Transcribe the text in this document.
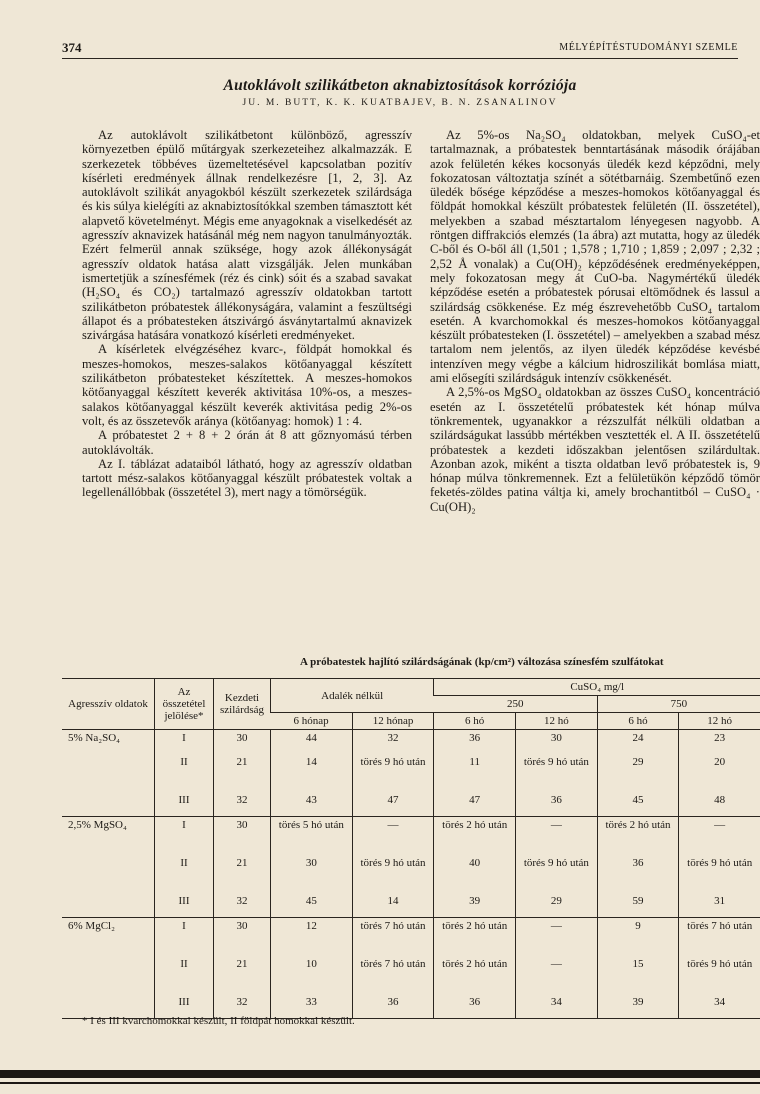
374	MÉLYÉPÍTÉSTUDOMÁNYI SZEMLE
Autoklávolt szilikátbeton aknabiztosítások korróziója
JU. M. BUTT, K. K. KUATBAJEV, B. N. ZSANALINOV

Az autoklávolt szilikátbetont különböző, agresszív környezetben épülő műtárgyak szerkezeteihez alkalmazzák. E szerkezetek többéves üzemeltetésével kapcsolatban pozitív kísérleti eredmények állnak rendelkezésre [1, 2, 3]. Az autoklávolt szilikát anyagokból készült szerkezetek szilárdsága és kis súlya kielégíti az aknabiztosítókkal szemben támasztott két alapvető követelményt. Mégis eme anyagoknak a viselkedését az agresszív aknavizek hatásánál még nem nagyon tanulmányozták. Ezért felmerül annak szüksége, hogy azok állékonyságát agresszív oldatok hatása alatt vizsgálják. Jelen munkában ismertetjük a színesfémek (réz és cink) sóit és a szabad savakat (H₂SO₄ és CO₂) tartalmazó agresszív oldatokban tartott szilikátbeton próbatestek állékonyságára, valamint a feszültségi állapot és a próbatesteken átszivárgó ásványtartalmú aknavizek szivárgása hatására vonatkozó kísérleti eredményeket.

A kísérletek elvégzéséhez kvarc-, földpát homokkal és meszes-homokos, meszes-salakos kötőanyaggal készített szilikátbeton próbatesteket készítettek. A meszes-homokos kötőanyaggal készített keverék aktivitása 10%-os, a meszes-salakos kötőanyaggal készült keverék aktivitása pedig 2%-os volt, és az összetevők aránya (kötőanyag: homok) 1 : 4.

A próbatestet 2 + 8 + 2 órán át 8 att gőznyomású térben autoklávolták.

Az I. táblázat adataiból látható, hogy az agresszív oldatban tartott mész-salakos kötőanyaggal készült próbatestek voltak a legellenállóbbak (összetétel 3), mert nagy a tömörségük.

Az 5%-os Na₂SO₄ oldatokban, melyek CuSO₄-et tartalmaznak, a próbatestek benntartásának második órájában azok felületén kékes kocsonyás üledék kezd képződni, mely fokozatosan változtatja színét a sötétbarnáig. Szembetűnő ezen üledék bősége képződése a meszes-homokos kötőanyaggal és földpát homokkal készült próbatestek felületén (II. összetétel), melyekben a szabad mésztartalom lényegesen nagyobb. A röntgen diffrakciós elemzés (1a ábra) azt mutatta, hogy az üledék C-ből és O-ből áll (1,501 ; 1,578 ; 1,710 ; 1,859 ; 2,097 ; 2,32 ; 2,52 Å vonalak) a Cu(OH)₂ képződésének eredményeképpen, mely fokozatosan megy át CuO-ba. Nagymértékű üledék képződése esetén a próbatestek pórusai eltömődnek és lassul a szilárdság csökkenése. Ez még észrevehetőbb CuSO₄ tartalom esetén. A kvarchomokkal és meszes-homokos kötőanyaggal készült próbatesteken (I. összetétel) – amelyekben a szabad mész tartalom nem jelentős, az ilyen üledék képződése kevésbé intenzíven megy végbe a kálcium hidroszilikát bomlása miatt, ami elősegíti szilárdságuk intenzív csökkenését.

A 2,5%-os MgSO₄ oldatokban az összes CuSO₄ koncentráció esetén az I. összetételű próbatestek két hónap múlva tönkrementek, ugyanakkor a rézszulfát nélküli oldatban a szilárdságukat lassúbb mértékben vesztették el. A II. összetételű próbatestek a kezdeti időszakban jelentősen szilárdultak. Azonban azok, miként a tiszta oldatban levő próbatestek is, 9 hónap múlva tönkremennek. Ezt a felületükön képződő tömör feketés-zöldes patina váltja ki, amely brochantitból – CuSO₄ · Cu(OH)₂

A próbatestek hajlító szilárdságának (kp/cm²) változása színesfém szulfátokat
Agresszív oldatok	Az összetétel jelölése*	Kezdeti szilárdság	Adalék nélkül		CuSO₄ mg/l			
					250		750	
			6 hónap	12 hónap	6 hó	12 hó	6 hó	12 hó
5% Na₂SO₄	I	30	44	32	36	30	24	23
	II	21	14	törés 9 hó után	11	törés 9 hó után	29	20
	III	32	43	47	47	36	45	48
2,5% MgSO₄	I	30	törés 5 hó után	—	törés 2 hó után	—	törés 2 hó után	—
	II	21	30	törés 9 hó után	40	törés 9 hó után	36	törés 9 hó után
	III	32	45	14	39	29	59	31
6% MgCl₂	I	30	12	törés 7 hó után	törés 2 hó után	—	9	törés 7 hó után
	II	21	10	törés 7 hó után	törés 2 hó után	—	15	törés 9 hó után
	III	32	33	36	36	34	39	34
* I és III kvarchomokkal készült, II földpát homokkal készült.
